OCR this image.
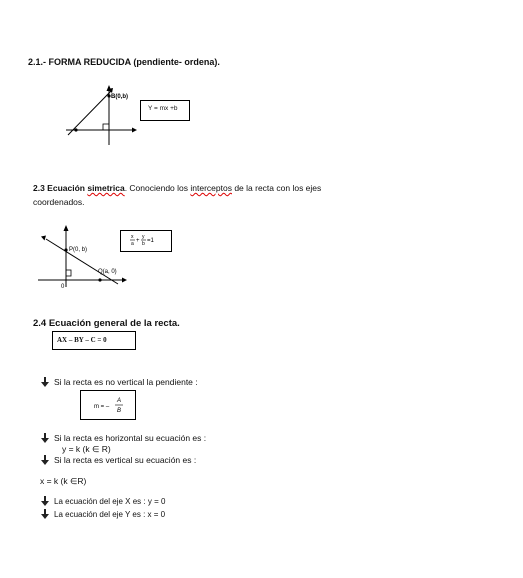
2.1.- FORMA REDUCIDA (pendiente- ordena).
B(0,b)
Y = mx +b
2.3 Ecuación simetrica. Conociendo los interceptos de la recta con los ejes
coordenados.
P(0, b)
Q(a, 0)
0
x
a +
y
b =1
2.4 Ecuación general de la recta.
AX – BY – C = 0
Si la recta es no vertical la pendiente :
m = –
A
B
Si la recta es horizontal su ecuación es :
y = k (k ∈ R)
Si la recta es vertical su ecuación es :
x = k (k ∈R)
La ecuación del eje X es : y = 0
La ecuación del eje Y es : x = 0
